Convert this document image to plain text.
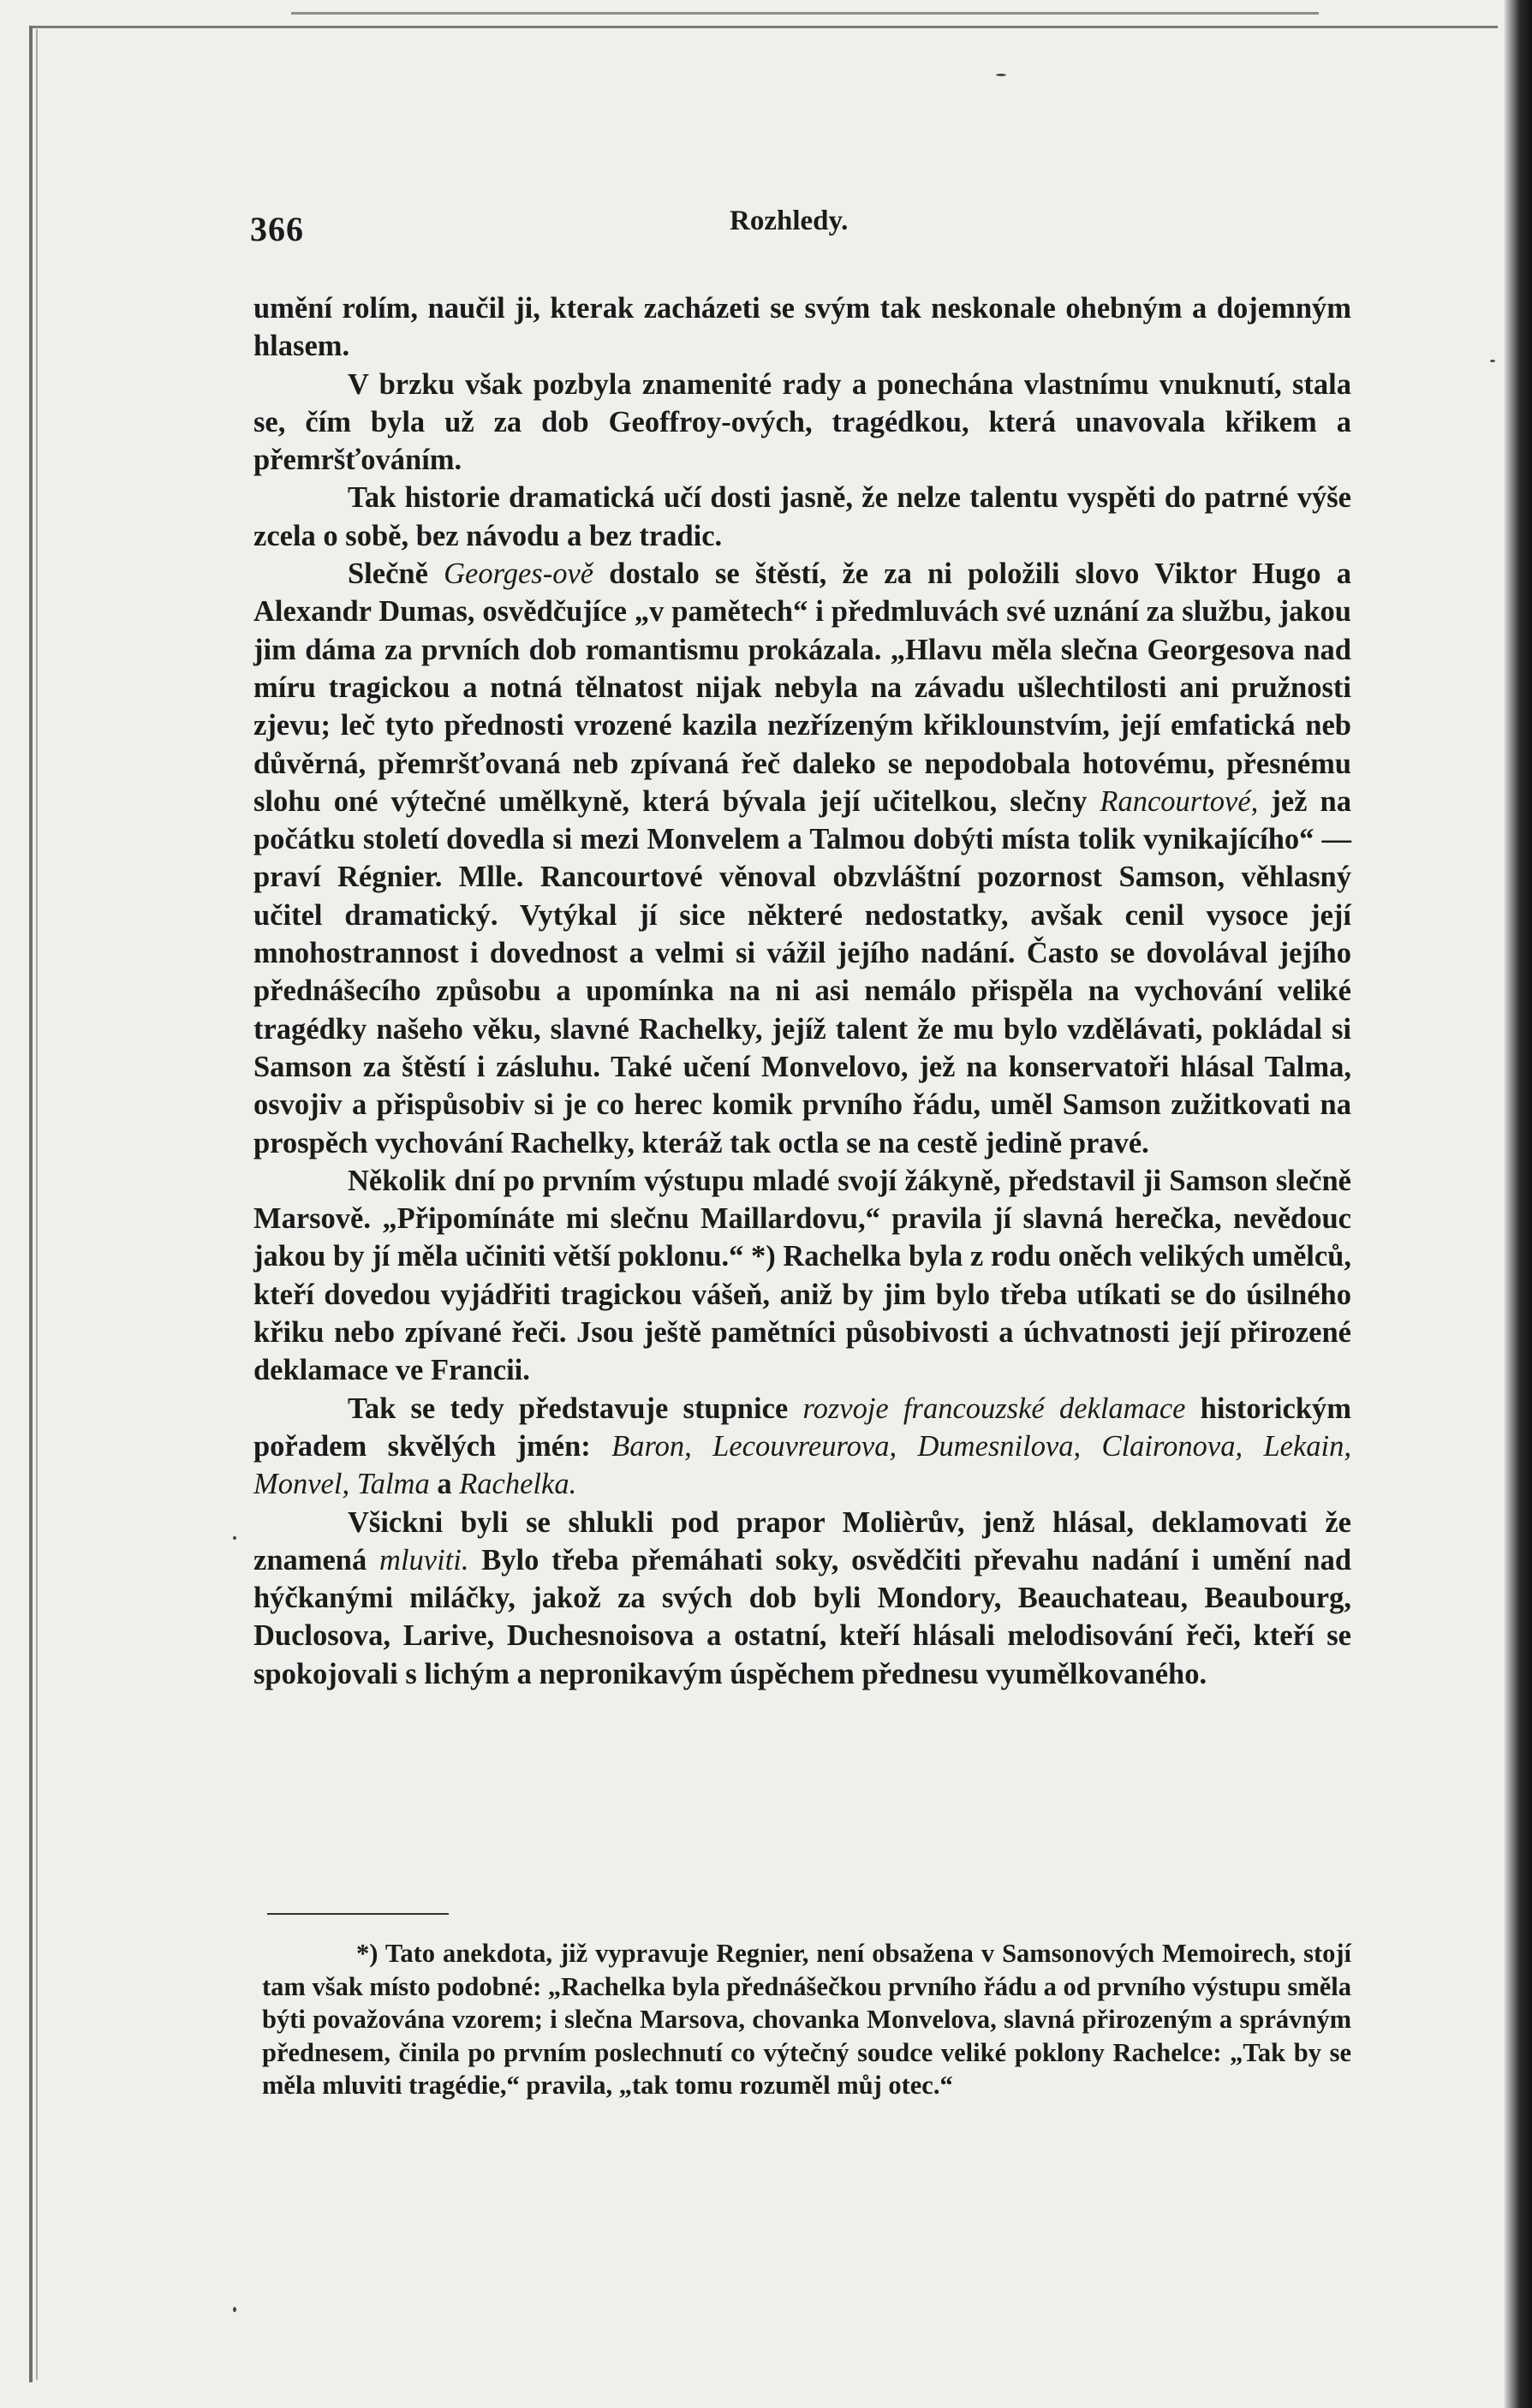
366	Rozhledy.

umění rolím, naučil ji, kterak zacházeti se svým tak neskonale ohebným a dojemným hlasem.

V brzku však pozbyla znamenité rady a ponechána vlastnímu vnuknutí, stala se, čím byla už za dob Geoffroy-ových, tragédkou, která unavovala křikem a přemršťováním.

Tak historie dramatická učí dosti jasně, že nelze talentu vyspěti do patrné výše zcela o sobě, bez návodu a bez tradic.

Slečně Georges-ově dostalo se štěstí, že za ni položili slovo Viktor Hugo a Alexandr Dumas, osvědčujíce „v pamětech“ i předmluvách své uznání za službu, jakou jim dáma za prvních dob romantismu prokázala. „Hlavu měla slečna Georgesova nad míru tragickou a notná tělnatost nijak nebyla na závadu ušlechtilosti ani pružnosti zjevu; leč tyto přednosti vrozené kazila nezřízeným křiklounstvím, její emfatická neb důvěrná, přemršťovaná neb zpívaná řeč daleko se nepodobala hotovému, přesnému slohu oné výtečné umělkyně, která bývala její učitelkou, slečny Rancourtové, jež na počátku století dovedla si mezi Monvelem a Talmou dobýti místa tolik vynikajícího“ — praví Régnier. Mlle. Rancourtové věnoval obzvláštní pozornost Samson, věhlasný učitel dramatický. Vytýkal jí sice některé nedostatky, avšak cenil vysoce její mnohostrannost i dovednost a velmi si vážil jejího nadání. Často se dovolával jejího přednášecího způsobu a upomínka na ni asi nemálo přispěla na vychování veliké tragédky našeho věku, slavné Rachelky, jejíž talent že mu bylo vzdělávati, pokládal si Samson za štěstí i zásluhu. Také učení Monvelovo, jež na konservatoři hlásal Talma, osvojiv a přispůsobiv si je co herec komik prvního řádu, uměl Samson zužitkovati na prospěch vychování Rachelky, kteráž tak octla se na cestě jedině pravé.

Několik dní po prvním výstupu mladé svojí žákyně, představil ji Samson slečně Marsově. „Připomínáte mi slečnu Maillardovu,“ pravila jí slavná herečka, nevědouc jakou by jí měla učiniti větší poklonu.“ *) Rachelka byla z rodu oněch velikých umělců, kteří dovedou vyjádřiti tragickou vášeň, aniž by jim bylo třeba utíkati se do úsilného křiku nebo zpívané řeči. Jsou ještě pamětníci působivosti a úchvatnosti její přirozené deklamace ve Francii.

Tak se tedy představuje stupnice rozvoje francouzské deklamace historickým pořadem skvělých jmén: Baron, Lecouvreurova, Dumesnilova, Claironova, Lekain, Monvel, Talma a Rachelka.

Všickni byli se shlukli pod prapor Molièrův, jenž hlásal, deklamovati že znamená mluviti. Bylo třeba přemáhati soky, osvědčiti převahu nadání i umění nad hýčkanými miláčky, jakož za svých dob byli Mondory, Beauchateau, Beaubourg, Duclosova, Larive, Duchesnoisova a ostatní, kteří hlásali melodisování řeči, kteří se spokojovali s lichým a nepronikavým úspěchem přednesu vyumělkovaného.

*) Tato anekdota, již vypravuje Regnier, není obsažena v Samsonových Memoirech, stojí tam však místo podobné: „Rachelka byla přednášečkou prvního řádu a od prvního výstupu směla býti považována vzorem; i slečna Marsova, chovanka Monvelova, slavná přirozeným a správným přednesem, činila po prvním poslechnutí co výtečný soudce veliké poklony Rachelce: „Tak by se měla mluviti tragédie,“ pravila, „tak tomu rozuměl můj otec.“
